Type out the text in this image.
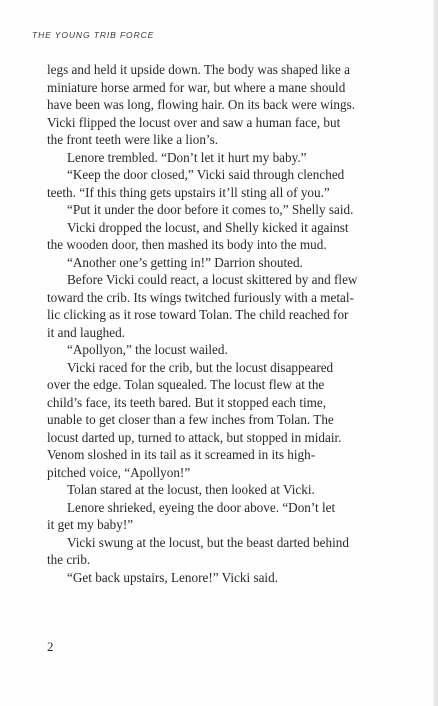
THE YOUNG TRIB FORCE
legs and held it upside down. The body was shaped like a
miniature horse armed for war, but where a mane should
have been was long, flowing hair. On its back were wings.
Vicki flipped the locust over and saw a human face, but
the front teeth were like a lion’s.
Lenore trembled. “Don’t let it hurt my baby.”
“Keep the door closed,” Vicki said through clenched
teeth. “If this thing gets upstairs it’ll sting all of you.”
“Put it under the door before it comes to,” Shelly said.
Vicki dropped the locust, and Shelly kicked it against
the wooden door, then mashed its body into the mud.
“Another one’s getting in!” Darrion shouted.
Before Vicki could react, a locust skittered by and flew
toward the crib. Its wings twitched furiously with a metal-
lic clicking as it rose toward Tolan. The child reached for
it and laughed.
“Apollyon,” the locust wailed.
Vicki raced for the crib, but the locust disappeared
over the edge. Tolan squealed. The locust flew at the
child’s face, its teeth bared. But it stopped each time,
unable to get closer than a few inches from Tolan. The
locust darted up, turned to attack, but stopped in midair.
Venom sloshed in its tail as it screamed in its high-
pitched voice, “Apollyon!”
Tolan stared at the locust, then looked at Vicki.
Lenore shrieked, eyeing the door above. “Don’t let
it get my baby!”
Vicki swung at the locust, but the beast darted behind
the crib.
“Get back upstairs, Lenore!” Vicki said.
2
